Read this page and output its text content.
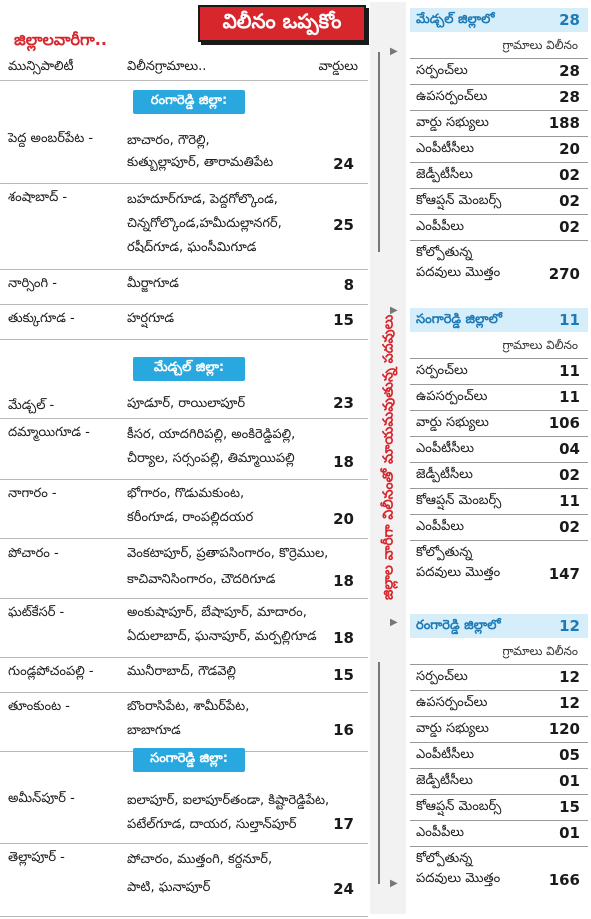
విలీనం ఒప్పకోం
జిల్లాలవారీగా..
మున్సిపాలిటీ	విలీనగ్రామాలు..	వార్డులు
రంగారెడ్డి జిల్లా:
పెద్ద అంబర్‌పేట -	బాచారం, గౌరెల్లి,
కుత్బుల్లాపూర్, తారామతిపేట	24
శంషాబాద్ -	బహదూర్‌గూడ, పెద్దగోల్కొండ,
చిన్నగోల్కొండ,హమీదుల్లానగర్,
రషీద్‌గూడ, ఘంసీమిగూడ
25
నార్సింగి -	మీర్జాగూడ	8
తుక్కుగూడ -	హర్షగూడ	15
మేడ్చల్ జిల్లా:
మేడ్చల్ -	పూడూర్, రాయిలాపూర్	23
దమ్మాయిగూడ -	కీసర, యాదగిరిపల్లి, అంకిరెడ్డిపల్లి,
చీర్యాల, సర్సంపల్లి, తిమ్మాయిపల్లి	18
నాగారం -	భోగారం, గొడుమకుంట,
కరీంగూడ, రాంపల్లిదయర	20
పోచారం -	వెంకటాపూర్, ప్రతాపసింగారం, కొర్రెముల,
కాచివానిసింగారం, చౌదరిగూడ	18
ఘట్‌కేసర్ -	అంకుషాపూర్, బేషాపూర్, మాదారం,
ఏదులాబాద్, ఘనాపూర్, మర్పల్లిగూడ 18
గుండ్లపోచంపల్లి -	మునీరాబాద్, గౌడవెల్లి	15
తూంకుంట -	బొంరాసిపేట, శామీర్‌పేట,
బాబాగూడ	16
సంగారెడ్డి జిల్లా:
అమీన్‌పూర్ -	ఐలాపూర్, ఐలాపూర్‌తండా, కిష్టారెడ్డిపేట,
పటేల్‌గూడ, దాయర, సుల్తాన్‌పూర్ 17
తెల్లాపూర్ -	పోచారం, ముత్తంగి, కర్దనూర్,
పాటి, ఘనాపూర్	24
▶
▶
▶
▶
జిల్లాల వారీగా విలీనంతో మాయమవుతున్న పదవులు
మేడ్చల్ జిల్లాలో	28
గ్రామాలు విలీనం
సర్పంచ్‌లు	28
ఉపసర్పంచ్‌లు	28
వార్డు సభ్యులు	188
ఎంపీటీసీలు	20
జెడ్పీటీసీలు	02
కోఆప్షన్ మెంబర్స్	02
ఎంపీపీలు	02
కోల్పోతున్న
పదవులు మొత్తం	270
సంగారెడ్డి జిల్లాలో	11
గ్రామాలు విలీనం
సర్పంచ్‌లు	11
ఉపసర్పంచ్‌లు	11
వార్డు సభ్యులు	106
ఎంపీటీసీలు	04
జెడ్పీటీసీలు	02
కోఆప్షన్ మెంబర్స్	11
ఎంపీపీలు	02
కోల్పోతున్న
పదవులు మొత్తం	147
రంగారెడ్డి జిల్లాలో	12
గ్రామాలు విలీనం
సర్పంచ్‌లు	12
ఉపసర్పంచ్‌లు	12
వార్డు సభ్యులు	120
ఎంపీటీసీలు	05
జెడ్పీటీసీలు	01
కోఆప్షన్ మెంబర్స్	15
ఎంపీపీలు	01
కోల్పోతున్న
పదవులు మొత్తం	166
